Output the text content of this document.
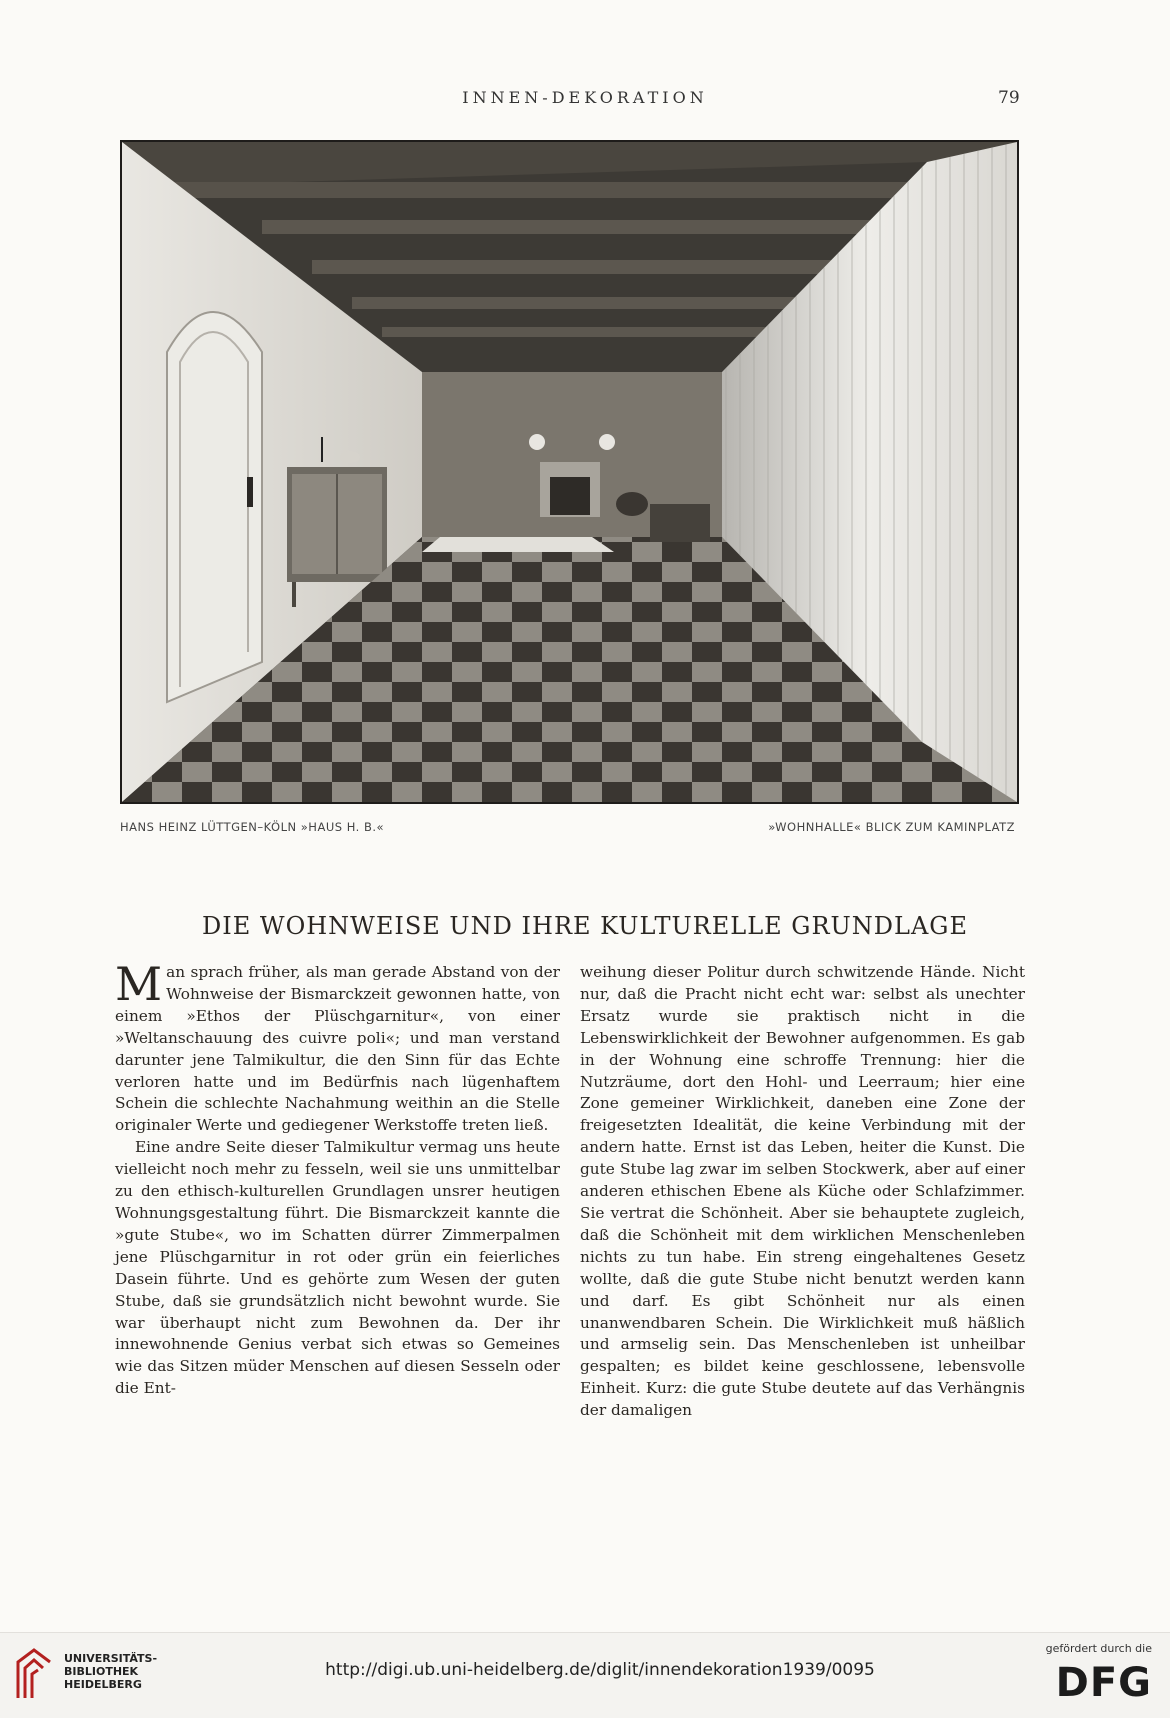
INNEN-DEKORATION	79
HANS HEINZ LÜTTGEN–KÖLN »HAUS H. B.«	»WOHNHALLE« BLICK ZUM KAMINPLATZ
DIE WOHNWEISE UND IHRE KULTURELLE GRUNDLAGE

Man sprach früher, als man gerade Abstand von der Wohnweise der Bismarckzeit gewonnen hatte, von einem »Ethos der Plüschgarnitur«, von einer »Weltanschauung des cuivre poli«; und man verstand darunter jene Talmikultur, die den Sinn für das Echte verloren hatte und im Bedürfnis nach lügenhaftem Schein die schlechte Nachahmung weithin an die Stelle originaler Werte und gediegener Werkstoffe treten ließ.

Eine andre Seite dieser Talmikultur vermag uns heute vielleicht noch mehr zu fesseln, weil sie uns unmittelbar zu den ethisch-kulturellen Grundlagen unsrer heutigen Wohnungsgestaltung führt. Die Bismarckzeit kannte die »gute Stube«, wo im Schatten dürrer Zimmerpalmen jene Plüschgarnitur in rot oder grün ein feierliches Dasein führte. Und es gehörte zum Wesen der guten Stube, daß sie grundsätzlich nicht bewohnt wurde. Sie war überhaupt nicht zum Bewohnen da. Der ihr innewohnende Genius verbat sich etwas so Gemeines wie das Sitzen müder Menschen auf diesen Sesseln oder die Ent-

weihung dieser Politur durch schwitzende Hände. Nicht nur, daß die Pracht nicht echt war: selbst als unechter Ersatz wurde sie praktisch nicht in die Lebenswirklichkeit der Bewohner aufgenommen. Es gab in der Wohnung eine schroffe Trennung: hier die Nutzräume, dort den Hohl- und Leerraum; hier eine Zone gemeiner Wirklichkeit, daneben eine Zone der freigesetzten Idealität, die keine Verbindung mit der andern hatte. Ernst ist das Leben, heiter die Kunst. Die gute Stube lag zwar im selben Stockwerk, aber auf einer anderen ethischen Ebene als Küche oder Schlafzimmer. Sie vertrat die Schönheit. Aber sie behauptete zugleich, daß die Schönheit mit dem wirklichen Menschenleben nichts zu tun habe. Ein streng eingehaltenes Gesetz wollte, daß die gute Stube nicht benutzt werden kann und darf. Es gibt Schönheit nur als einen unanwendbaren Schein. Die Wirklichkeit muß häßlich und armselig sein. Das Menschenleben ist unheilbar gespalten; es bildet keine geschlossene, lebensvolle Einheit. Kurz: die gute Stube deutete auf das Verhängnis der damaligen

UNIVERSITÄTS-
BIBLIOTHEK
HEIDELBERG
http://digi.ub.uni-heidelberg.de/diglit/innendekoration1939/0095
gefördert durch die
DFG
